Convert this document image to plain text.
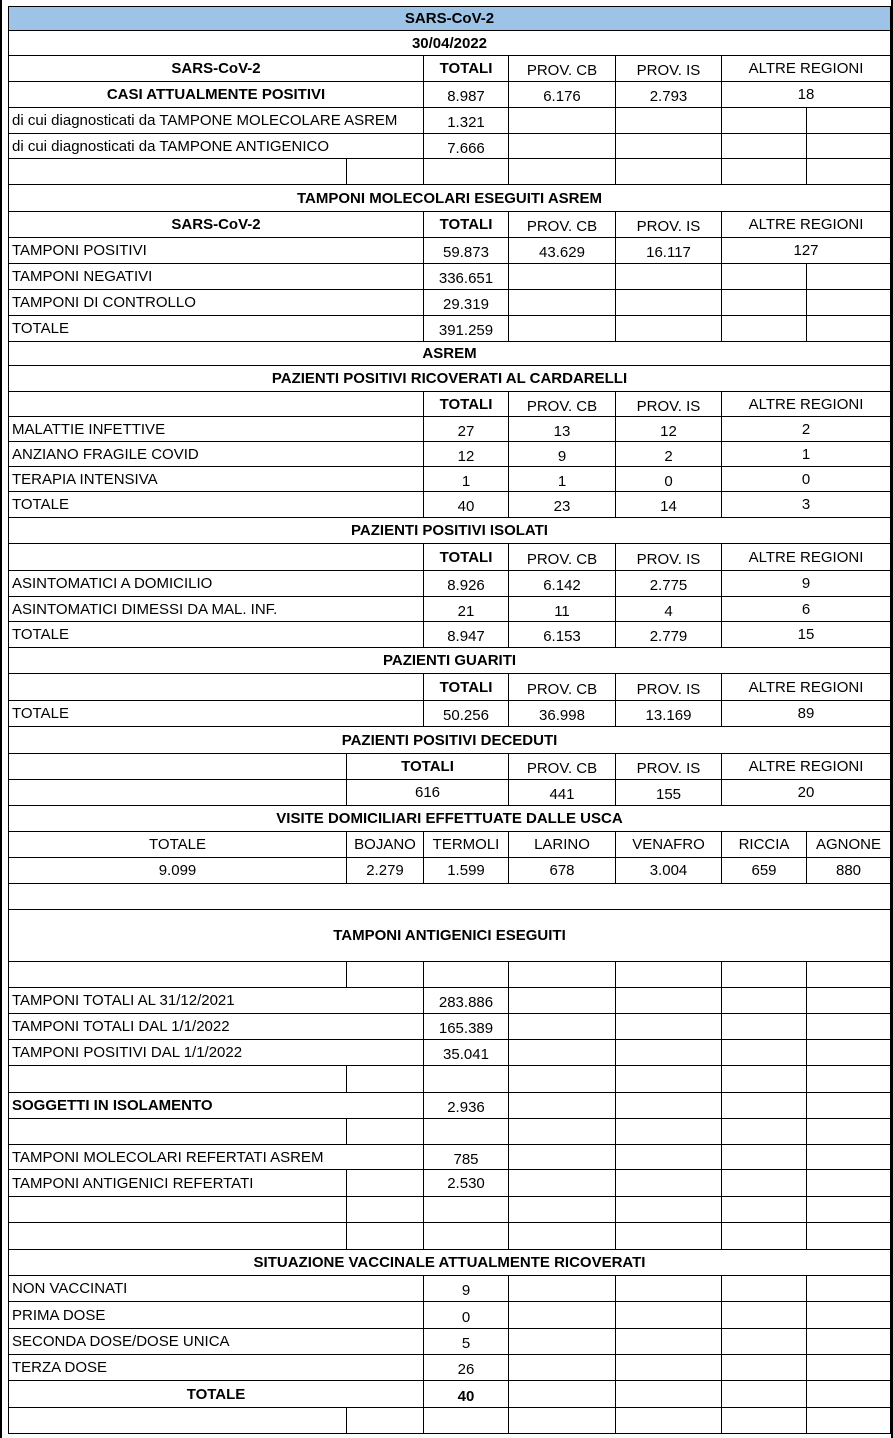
SARS-CoV-2
30/04/2022
SARS-CoV-2	TOTALI	PROV. CB	PROV. IS	ALTRE REGIONI
CASI ATTUALMENTE POSITIVI	8.987	6.176	2.793	18
di cui diagnosticati da TAMPONE MOLECOLARE ASREM	1.321
di cui diagnosticati da TAMPONE ANTIGENICO	7.666
TAMPONI MOLECOLARI ESEGUITI ASREM
SARS-CoV-2	TOTALI	PROV. CB	PROV. IS	ALTRE REGIONI
TAMPONI POSITIVI	59.873	43.629	16.117	127
TAMPONI NEGATIVI	336.651
TAMPONI DI CONTROLLO	29.319
TOTALE	391.259
ASREM
PAZIENTI POSITIVI RICOVERATI AL CARDARELLI
TOTALI	PROV. CB	PROV. IS	ALTRE REGIONI
MALATTIE INFETTIVE	27	13	12	2
ANZIANO FRAGILE COVID	12	9	2	1
TERAPIA INTENSIVA	1	1	0	0
TOTALE	40	23	14	3
PAZIENTI POSITIVI ISOLATI
TOTALI	PROV. CB	PROV. IS	ALTRE REGIONI
ASINTOMATICI A DOMICILIO	8.926	6.142	2.775	9
ASINTOMATICI DIMESSI DA MAL. INF.	21	11	4	6
TOTALE	8.947	6.153	2.779	15
PAZIENTI GUARITI
TOTALI	PROV. CB	PROV. IS	ALTRE REGIONI
TOTALE	50.256	36.998	13.169	89
PAZIENTI POSITIVI DECEDUTI
TOTALI	PROV. CB	PROV. IS	ALTRE REGIONI
616	441	155	20
VISITE DOMICILIARI EFFETTUATE DALLE USCA
TOTALE	BOJANO	TERMOLI	LARINO	VENAFRO	RICCIA	AGNONE
9.099	2.279	1.599	678	3.004	659	880
TAMPONI ANTIGENICI ESEGUITI
TAMPONI TOTALI AL 31/12/2021	283.886
TAMPONI TOTALI DAL 1/1/2022	165.389
TAMPONI POSITIVI DAL 1/1/2022	35.041
SOGGETTI IN ISOLAMENTO	2.936
TAMPONI MOLECOLARI REFERTATI ASREM	785
TAMPONI ANTIGENICI REFERTATI	2.530
SITUAZIONE VACCINALE ATTUALMENTE RICOVERATI
NON VACCINATI	9
PRIMA DOSE	0
SECONDA DOSE/DOSE UNICA	5
TERZA DOSE	26
TOTALE	40
